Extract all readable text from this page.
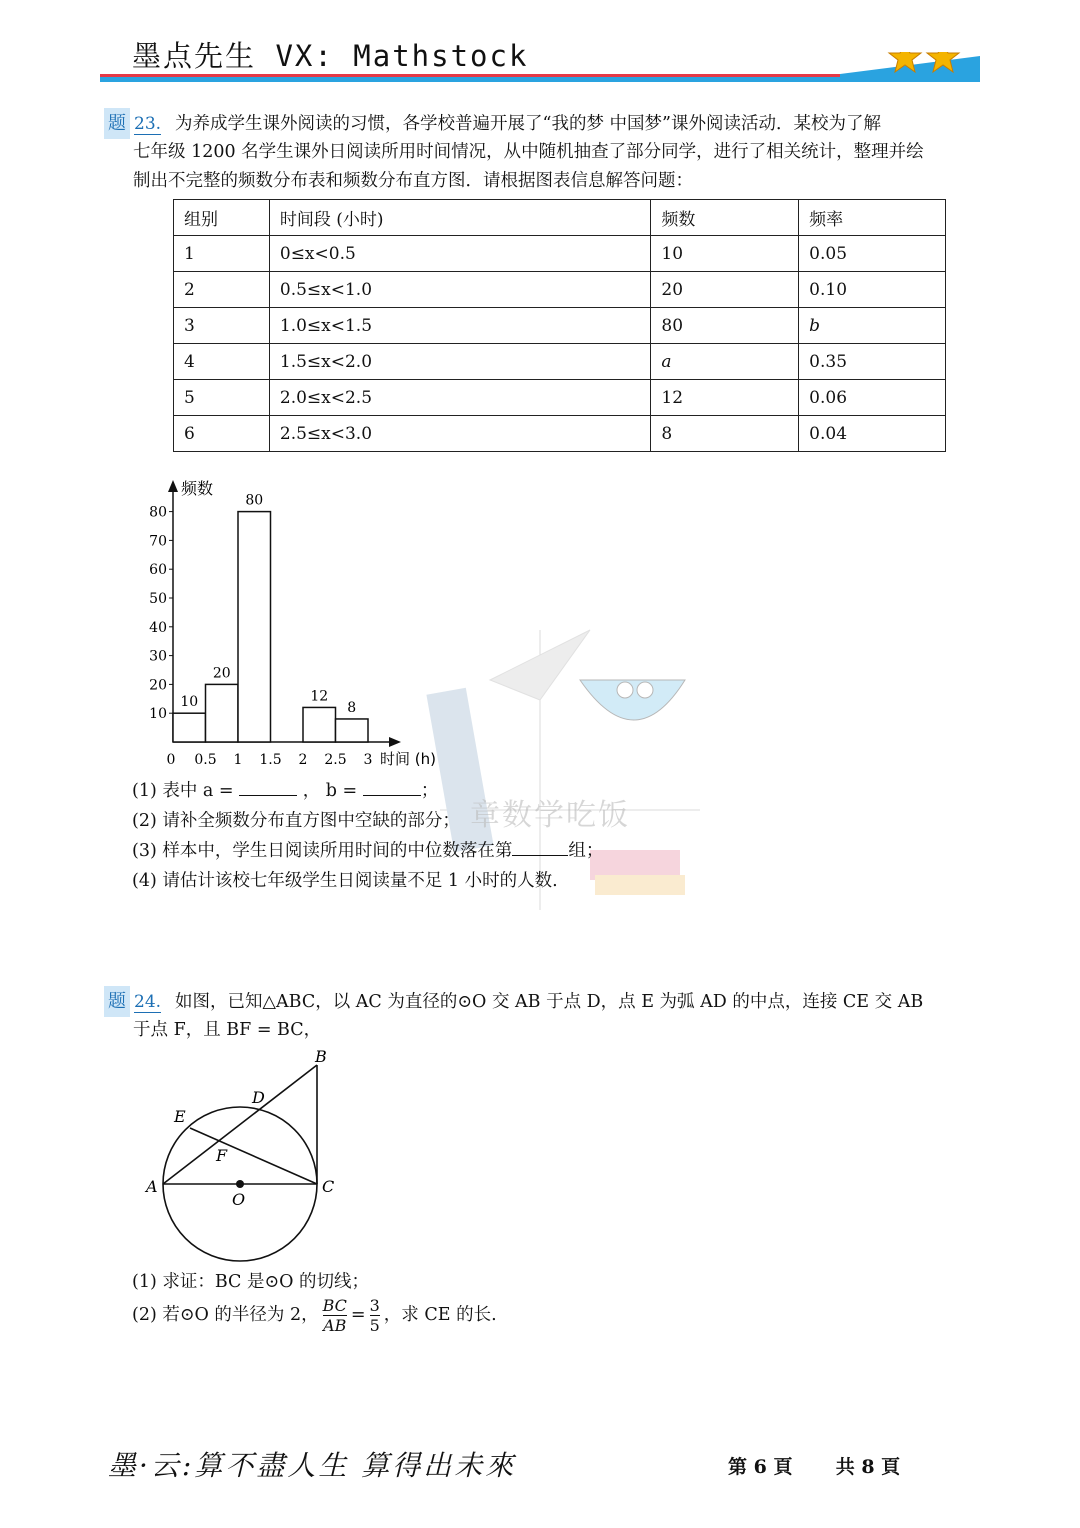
墨点先生 VX: Mathstock
题 23. 为养成学生课外阅读的习惯，各学校普遍开展了“我的梦 中国梦”课外阅读活动．某校为了解
七年级 1200 名学生课外日阅读所用时间情况，从中随机抽查了部分同学，进行了相关统计，整理并绘
制出不完整的频数分布表和频数分布直方图．请根据图表信息解答问题：
组别	时间段 (小时)	频数	频率
1	0≤x<0.5	10	0.05
2	0.5≤x<1.0	20	0.10
3	1.0≤x<1.5	80	b
4	1.5≤x<2.0	a	0.35
5	2.0≤x<2.5	12	0.06
6	2.5≤x<3.0	8	0.04
频数
时间 (h)
10
20
30
40
50
60
70
80
0 0.5 1 1.5 2 2.5 3
10
20
80
12
8
章数学吃饭
(1) 表中 a =	， b =	；
(2) 请补全频数分布直方图中空缺的部分；
(3) 样本中，学生日阅读所用时间的中位数落在第	组；
(4) 请估计该校七年级学生日阅读量不足 1 小时的人数.
题 24. 如图，已知△ABC，以 AC 为直径的⊙O 交 AB 于点 D，点 E 为弧 AD 的中点，连接 CE 交 AB
于点 F，且 BF = BC，
A
B
C
D
E
F
O
(1) 求证：BC 是⊙O 的切线；
(2) 若⊙O 的半径为 2， $\frac{BC}{AB} = \frac{3}{5}$ ，求 CE 的长.
墨·云:算不盡人生 算得出未來	第 6 頁 共 8 頁
